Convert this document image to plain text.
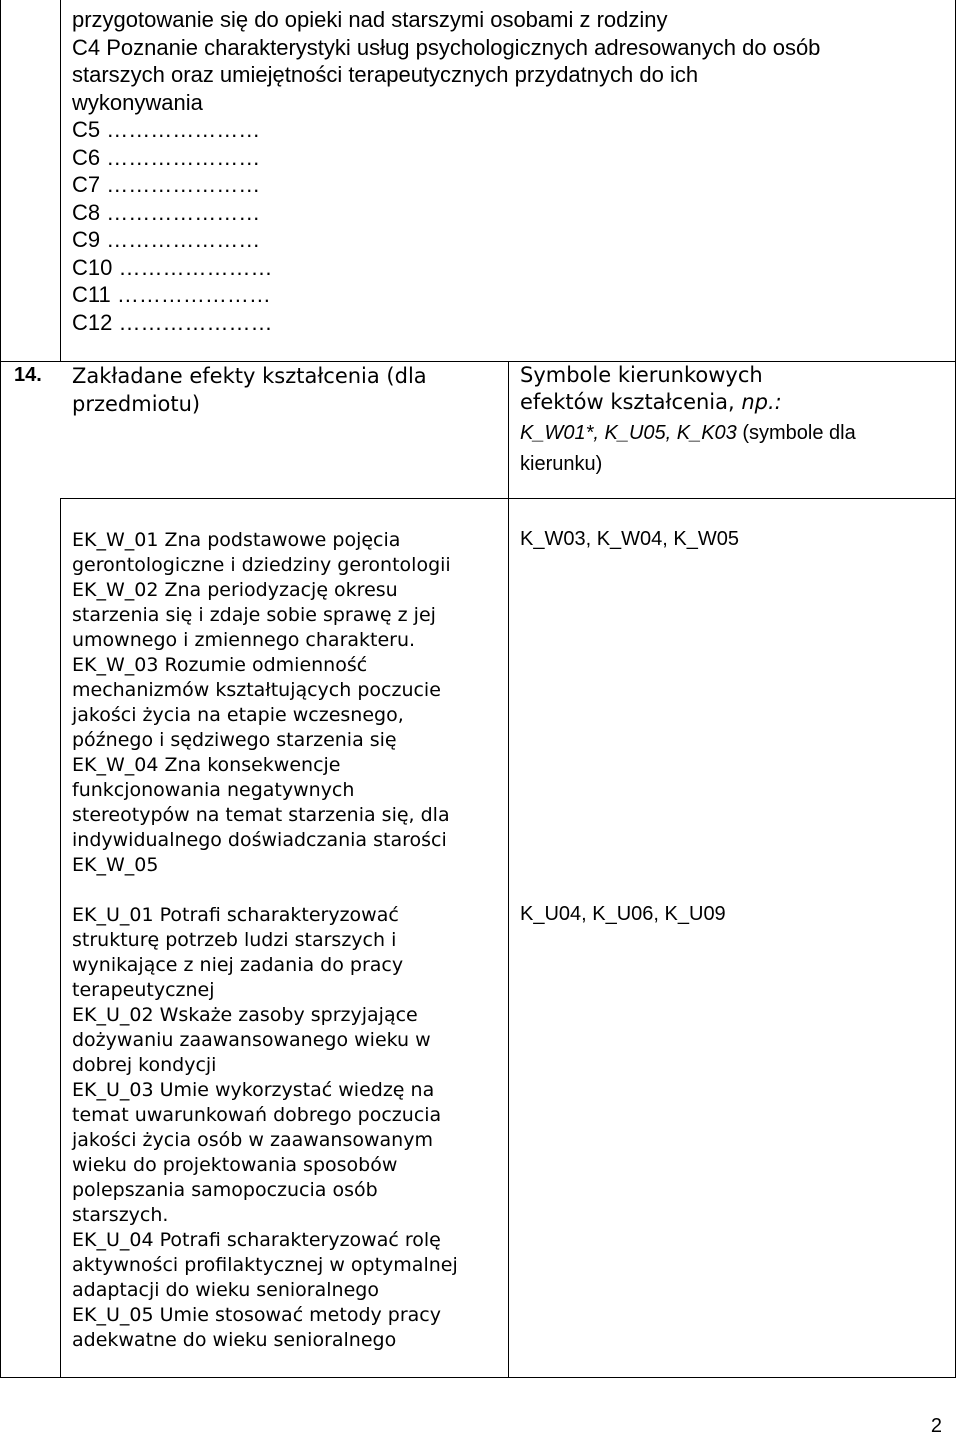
przygotowanie się do opieki nad starszymi osobami z rodziny
C4 Poznanie charakterystyki usług psychologicznych adresowanych do osób
starszych oraz umiejętności terapeutycznych przydatnych do ich
wykonywania
C5 …………………
C6 …………………
C7 …………………
C8 …………………
C9 …………………
C10 …………………
C11 …………………
C12 …………………
14. Zakładane efekty kształcenia (dla
przedmiotu)
Symbole kierunkowych
efektów kształcenia, np.:
K_W01*, K_U05, K_K03 (symbole dla
kierunku)
EK_W_01 Zna podstawowe pojęcia
gerontologiczne i dziedziny gerontologii
EK_W_02 Zna periodyzację okresu
starzenia się i zdaje sobie sprawę z jej
umownego i zmiennego charakteru.
EK_W_03 Rozumie odmienność
mechanizmów kształtujących poczucie
jakości życia na etapie wczesnego,
późnego i sędziwego starzenia się
EK_W_04 Zna konsekwencje
funkcjonowania negatywnych
stereotypów na temat starzenia się, dla
indywidualnego doświadczania starości
EK_W_05
K_W03, K_W04, K_W05
EK_U_01 Potrafi scharakteryzować
strukturę potrzeb ludzi starszych i
wynikające z niej zadania do pracy
terapeutycznej
EK_U_02 Wskaże zasoby sprzyjające
dożywaniu zaawansowanego wieku w
dobrej kondycji
EK_U_03 Umie wykorzystać wiedzę na
temat uwarunkowań dobrego poczucia
jakości życia osób w zaawansowanym
wieku do projektowania sposobów
polepszania samopoczucia osób
starszych.
EK_U_04 Potrafi scharakteryzować rolę
aktywności profilaktycznej w optymalnej
adaptacji do wieku senioralnego
EK_U_05 Umie stosować metody pracy
adekwatne do wieku senioralnego
K_U04, K_U06, K_U09
2
